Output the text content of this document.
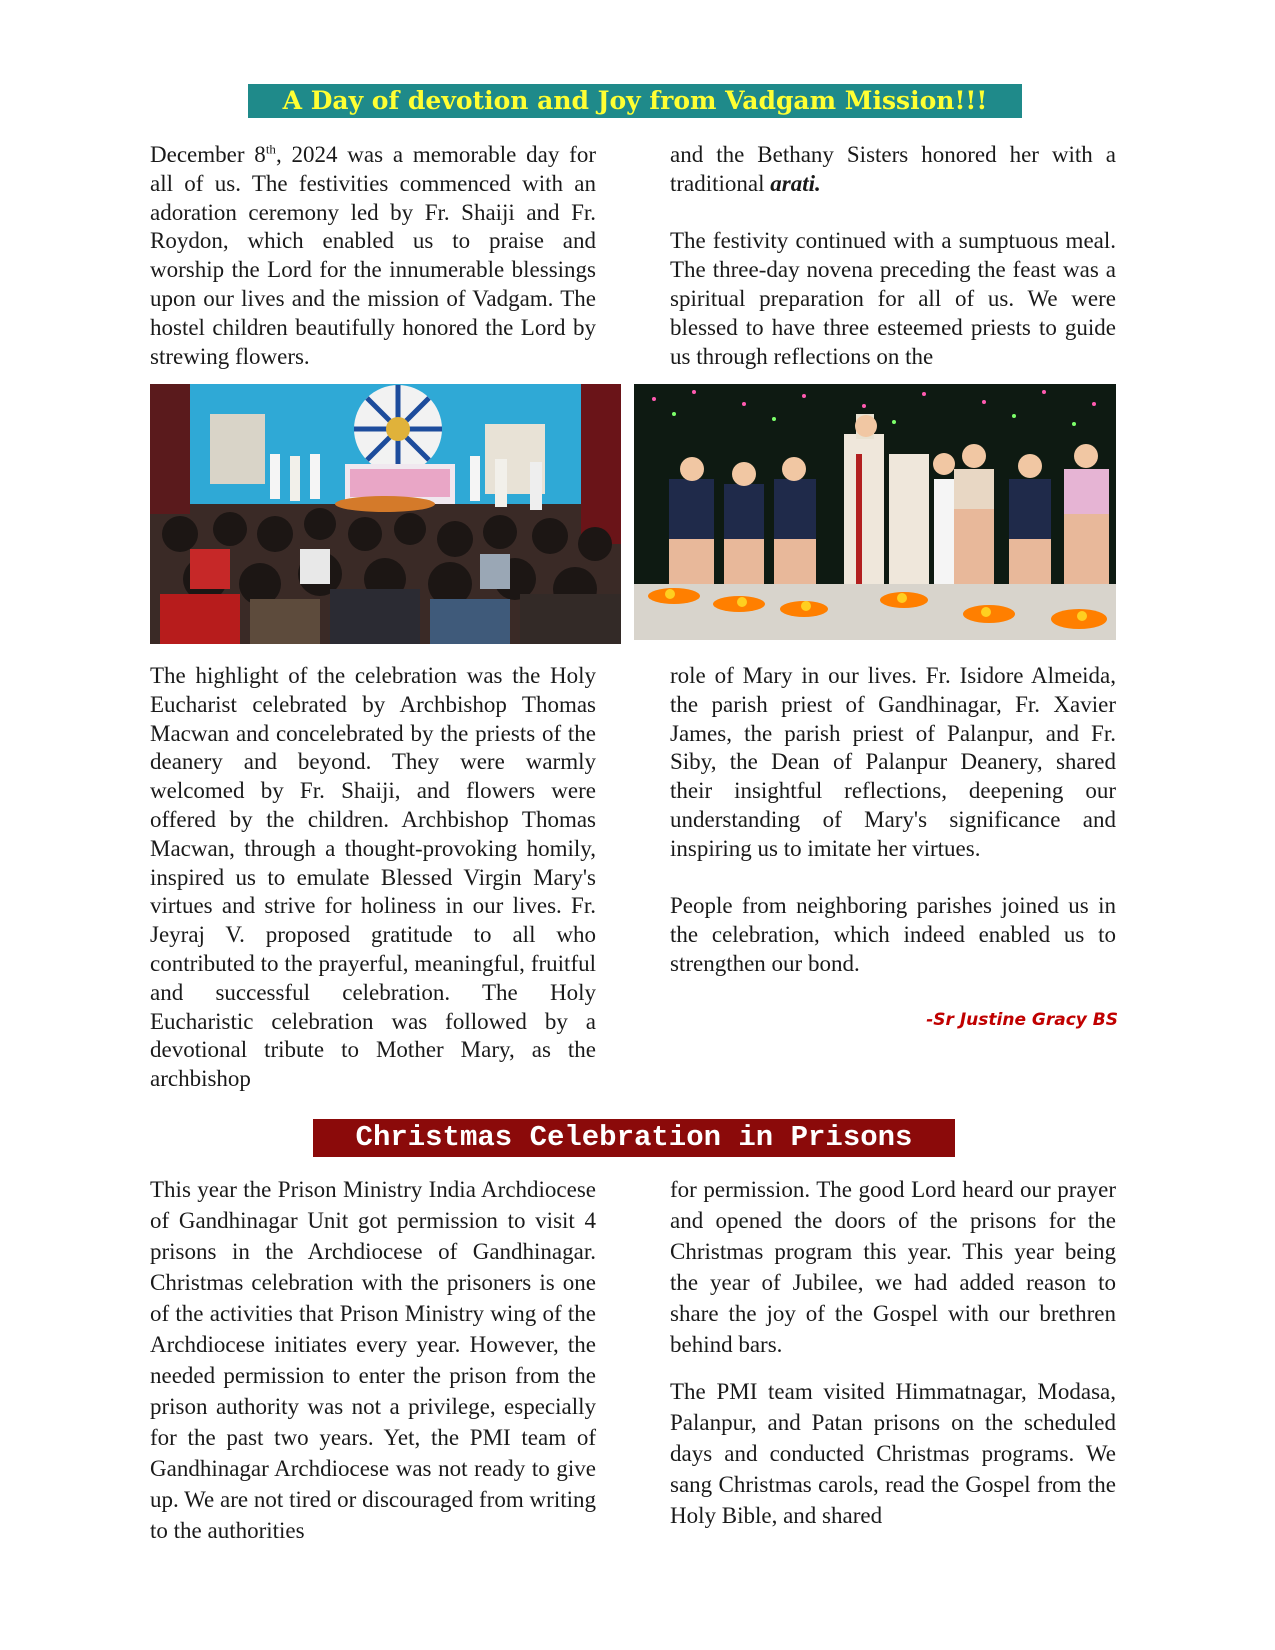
A Day of devotion and Joy from Vadgam Mission!!!

December 8th, 2024 was a memorable day for all of us. The festivities commenced with an adoration ceremony led by Fr. Shaiji and Fr. Roydon, which enabled us to praise and worship the Lord for the innumerable blessings upon our lives and the mission of Vadgam. The hostel children beautifully honored the Lord by strewing flowers.

and the Bethany Sisters honored her with a traditional arati.

The festivity continued with a sumptuous meal. The three-day novena preceding the feast was a spiritual preparation for all of us. We were blessed to have three esteemed priests to guide us through reflections on the

The highlight of the celebration was the Holy Eucharist celebrated by Archbishop Thomas Macwan and concelebrated by the priests of the deanery and beyond. They were warmly welcomed by Fr. Shaiji, and flowers were offered by the children. Archbishop Thomas Macwan, through a thought-provoking homily, inspired us to emulate Blessed Virgin Mary's virtues and strive for holiness in our lives. Fr. Jeyraj V. proposed gratitude to all who contributed to the prayerful, meaningful, fruitful and successful celebration. The Holy Eucharistic celebration was followed by a devotional tribute to Mother Mary, as the archbishop

role of Mary in our lives. Fr. Isidore Almeida, the parish priest of Gandhinagar, Fr. Xavier James, the parish priest of Palanpur, and Fr. Siby, the Dean of Palanpur Deanery, shared their insightful reflections, deepening our understanding of Mary's significance and inspiring us to imitate her virtues.

People from neighboring parishes joined us in the celebration, which indeed enabled us to strengthen our bond.

-Sr Justine Gracy BS
Christmas Celebration in Prisons

This year the Prison Ministry India Archdiocese of Gandhinagar Unit got permission to visit 4 prisons in the Archdiocese of Gandhinagar. Christmas celebration with the prisoners is one of the activities that Prison Ministry wing of the Archdiocese initiates every year. However, the needed permission to enter the prison from the prison authority was not a privilege, especially for the past two years. Yet, the PMI team of Gandhinagar Archdiocese was not ready to give up. We are not tired or discouraged from writing to the authorities

for permission. The good Lord heard our prayer and opened the doors of the prisons for the Christmas program this year. This year being the year of Jubilee, we had added reason to share the joy of the Gospel with our brethren behind bars.

The PMI team visited Himmatnagar, Modasa, Palanpur, and Patan prisons on the scheduled days and conducted Christmas programs. We sang Christmas carols, read the Gospel from the Holy Bible, and shared
